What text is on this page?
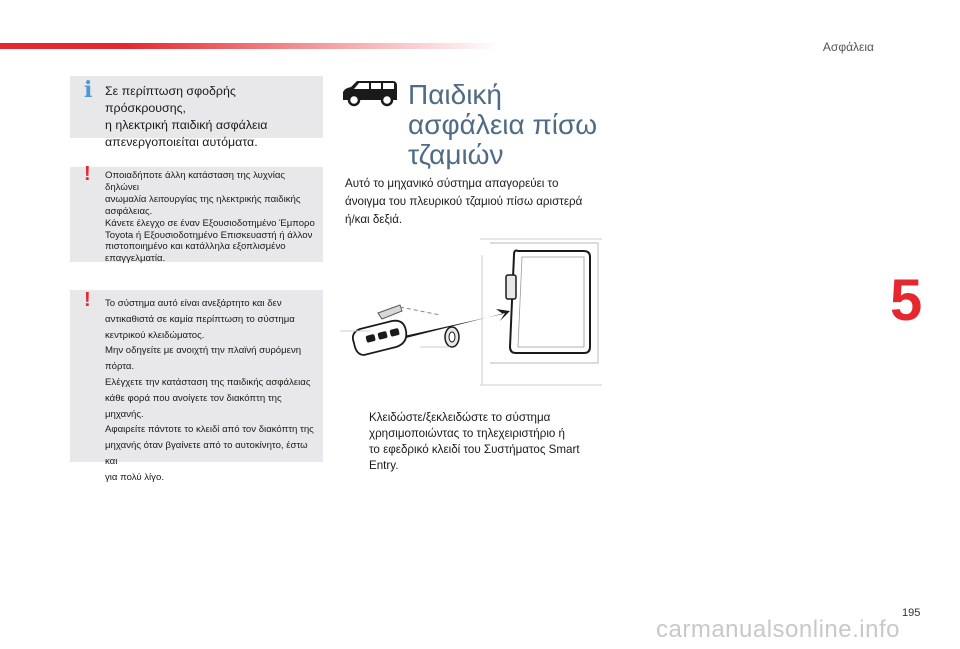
Ασφάλεια
5
i Σε περίπτωση σφοδρής πρόσκρουσης,

η ηλεκτρική παιδική ασφάλεια

απενεργοποιείται αυτόματα.

! Οποιαδήποτε άλλη κατάσταση της λυχνίας δηλώνει

ανωμαλία λειτουργίας της ηλεκτρικής παιδικής

ασφάλειας.

Κάνετε έλεγχο σε έναν Εξουσιοδοτημένο Έμπορο

Toyota ή Εξουσιοδοτημένο Επισκευαστή ή άλλον

πιστοποιημένο και κατάλληλα εξοπλισμένο

επαγγελματία.

! Το σύστημα αυτό είναι ανεξάρτητο και δεν

αντικαθιστά σε καμία περίπτωση το σύστημα

κεντρικού κλειδώματος.

Μην οδηγείτε με ανοιχτή την πλαϊνή συρόμενη

πόρτα.

Ελέγχετε την κατάσταση της παιδικής ασφάλειας

κάθε φορά που ανοίγετε τον διακόπτη της μηχανής.

Αφαιρείτε πάντοτε το κλειδί από τον διακόπτη της

μηχανής όταν βγαίνετε από το αυτοκίνητο, έστω και

για πολύ λίγο.

Παιδική
ασφάλεια πίσω
τζαμιών

Αυτό το μηχανικό σύστημα απαγορεύει το
άνοιγμα του πλευρικού τζαμιού πίσω αριστερά
ή/και δεξιά.

Κλειδώστε/ξεκλειδώστε το σύστημα
χρησιμοποιώντας το τηλεχειριστήριο ή
το εφεδρικό κλειδί του Συστήματος Smart
Entry.
195
carmanualsonline.info
